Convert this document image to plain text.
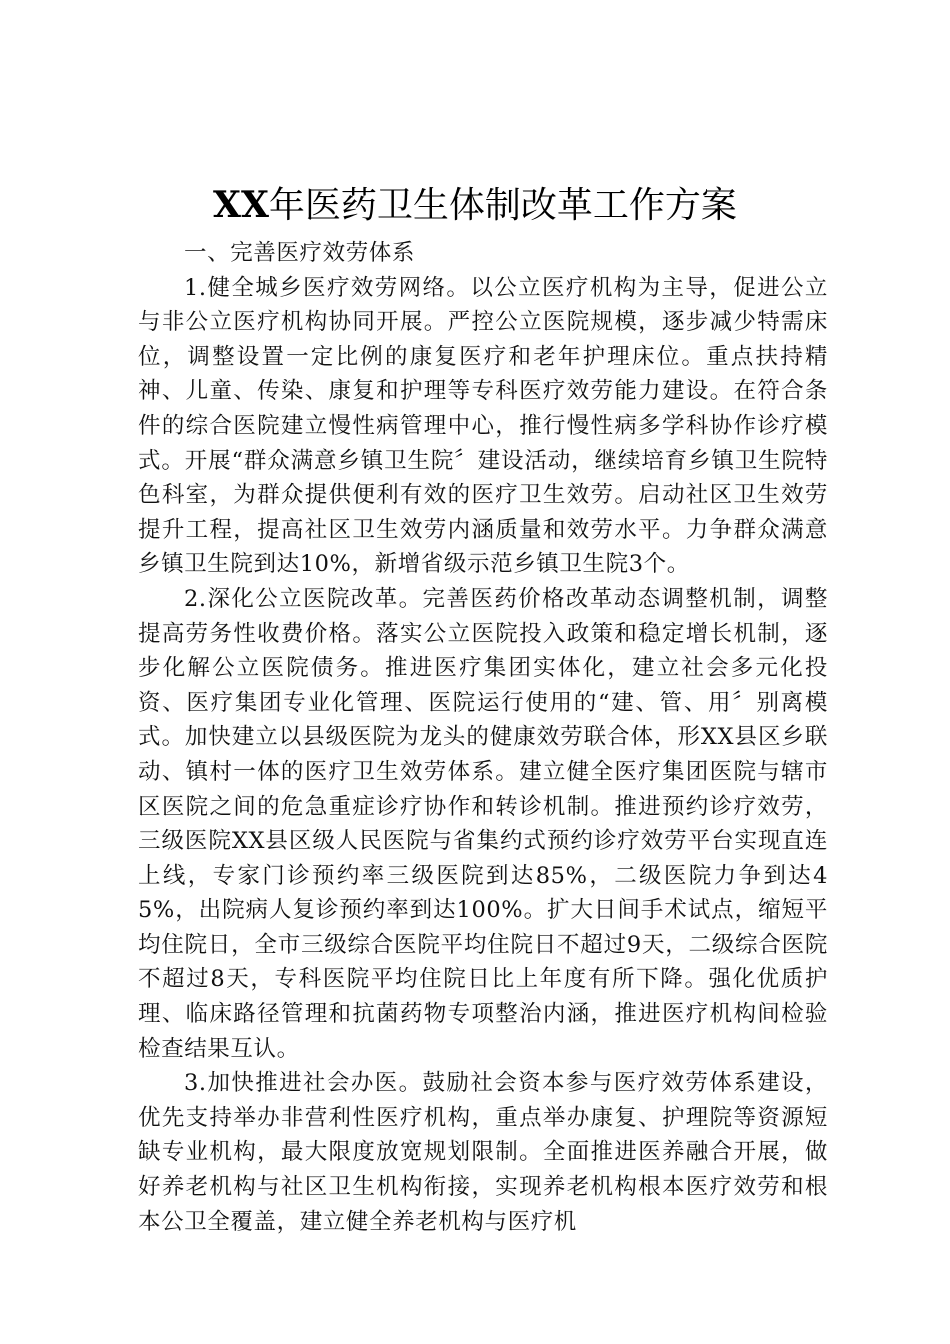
XX年医药卫生体制改革工作方案

一、完善医疗效劳体系

1.健全城乡医疗效劳网络。以公立医疗机构为主导，促进公立与非公立医疗机构协同开展。严控公立医院规模，逐步减少特需床位，调整设置一定比例的康复医疗和老年护理床位。重点扶持精神、儿童、传染、康复和护理等专科医疗效劳能力建设。在符合条件的综合医院建立慢性病管理中心，推行慢性病多学科协作诊疗模式。开展“群众满意乡镇卫生院〞建设活动，继续培育乡镇卫生院特色科室，为群众提供便利有效的医疗卫生效劳。启动社区卫生效劳提升工程，提高社区卫生效劳内涵质量和效劳水平。力争群众满意乡镇卫生院到达10%，新增省级示范乡镇卫生院3个。

2.深化公立医院改革。完善医药价格改革动态调整机制，调整提高劳务性收费价格。落实公立医院投入政策和稳定增长机制，逐步化解公立医院债务。推进医疗集团实体化，建立社会多元化投资、医疗集团专业化管理、医院运行使用的“建、管、用〞别离模式。加快建立以县级医院为龙头的健康效劳联合体，形XX县区乡联动、镇村一体的医疗卫生效劳体系。建立健全医疗集团医院与辖市区医院之间的危急重症诊疗协作和转诊机制。推进预约诊疗效劳，三级医院XX县区级人民医院与省集约式预约诊疗效劳平台实现直连上线，专家门诊预约率三级医院到达85%，二级医院力争到达45%，出院病人复诊预约率到达100%。扩大日间手术试点，缩短平均住院日，全市三级综合医院平均住院日不超过9天，二级综合医院不超过8天，专科医院平均住院日比上年度有所下降。强化优质护理、临床路径管理和抗菌药物专项整治内涵，推进医疗机构间检验检查结果互认。

3.加快推进社会办医。鼓励社会资本参与医疗效劳体系建设，优先支持举办非营利性医疗机构，重点举办康复、护理院等资源短缺专业机构，最大限度放宽规划限制。全面推进医养融合开展，做好养老机构与社区卫生机构衔接，实现养老机构根本医疗效劳和根本公卫全覆盖，建立健全养老机构与医疗机
